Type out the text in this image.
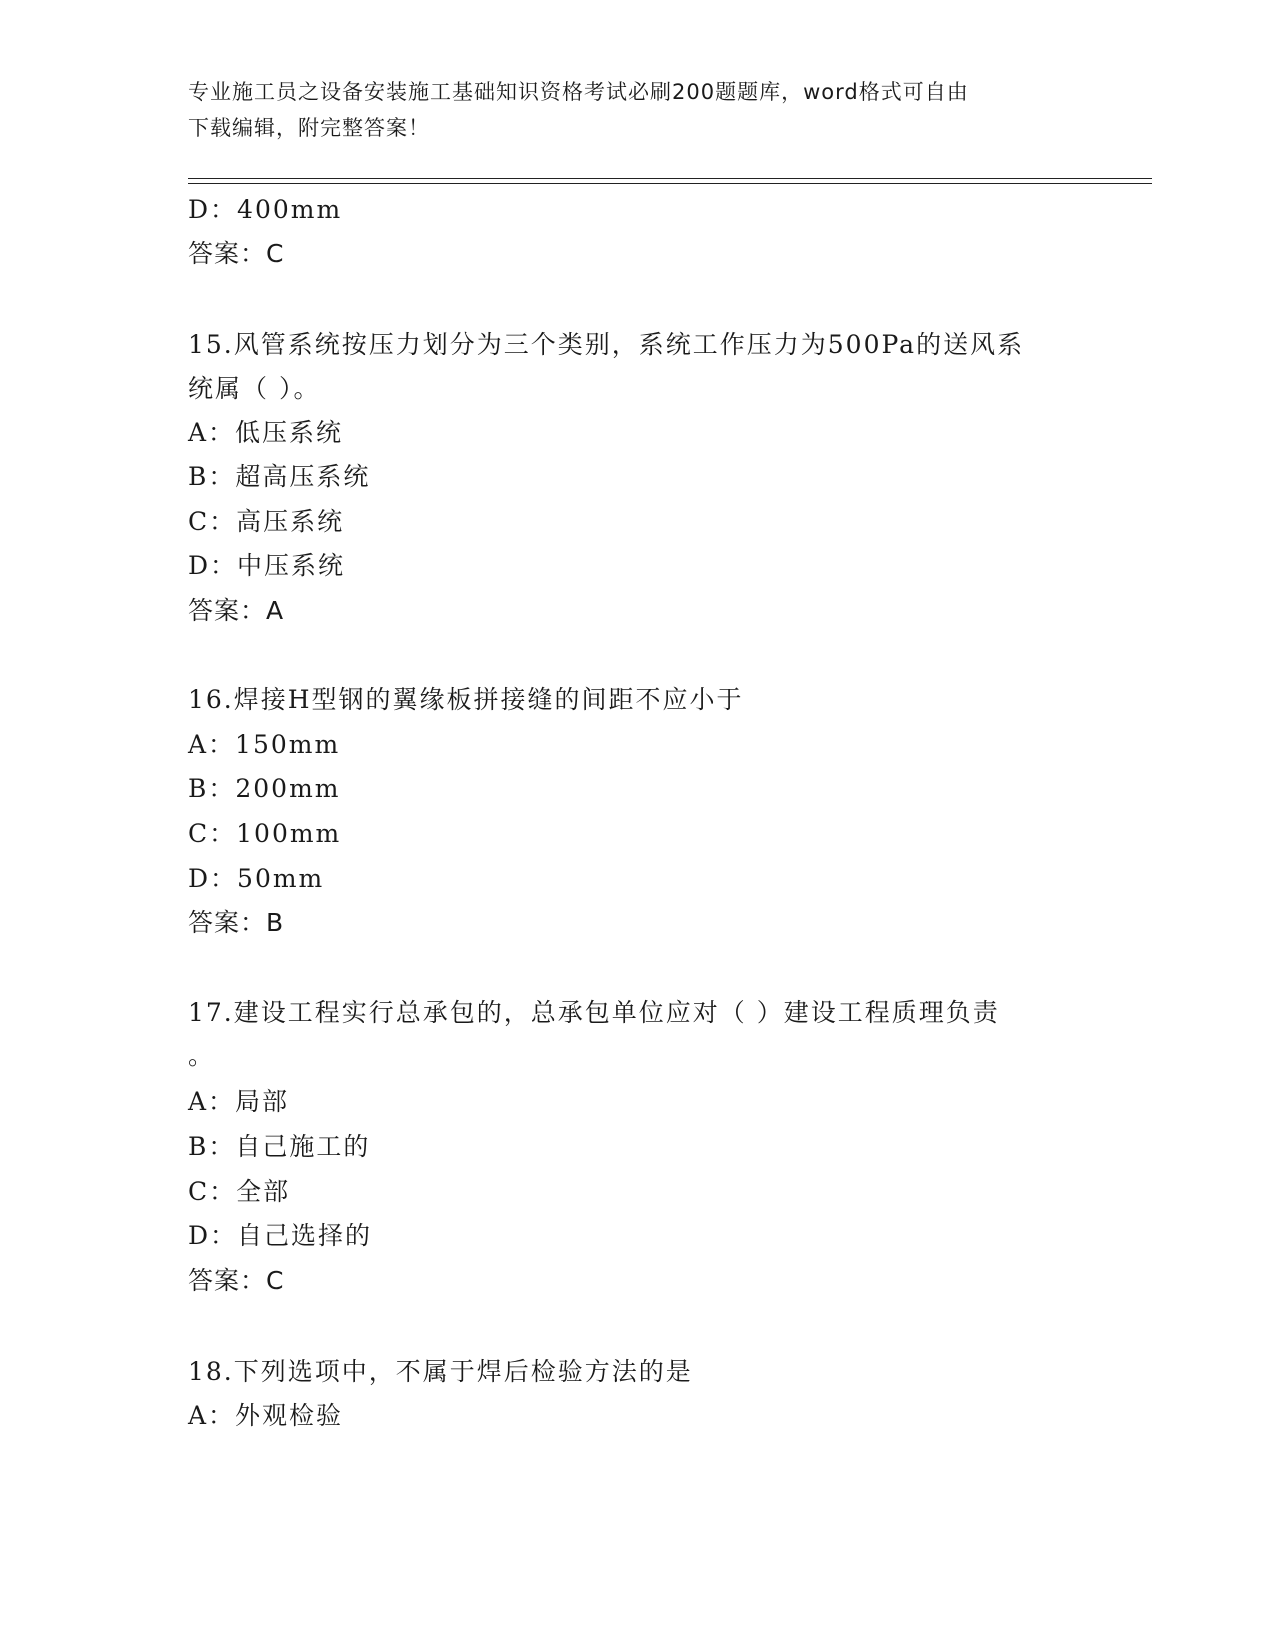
专业施工员之设备安装施工基础知识资格考试必刷200题题库，word格式可自由
下载编辑，附完整答案！
D：400mm
答案：C
15.风管系统按压力划分为三个类别，系统工作压力为500Pa的送风系
统属（ ）。
A：低压系统
B：超高压系统
C：高压系统
D：中压系统
答案：A
16.焊接H型钢的翼缘板拼接缝的间距不应小于
A：150mm
B：200mm
C：100mm
D：50mm
答案：B
17.建设工程实行总承包的，总承包单位应对（ ）建设工程质理负责
。
A：局部
B：自己施工的
C：全部
D：自己选择的
答案：C
18.下列选项中，不属于焊后检验方法的是
A：外观检验
